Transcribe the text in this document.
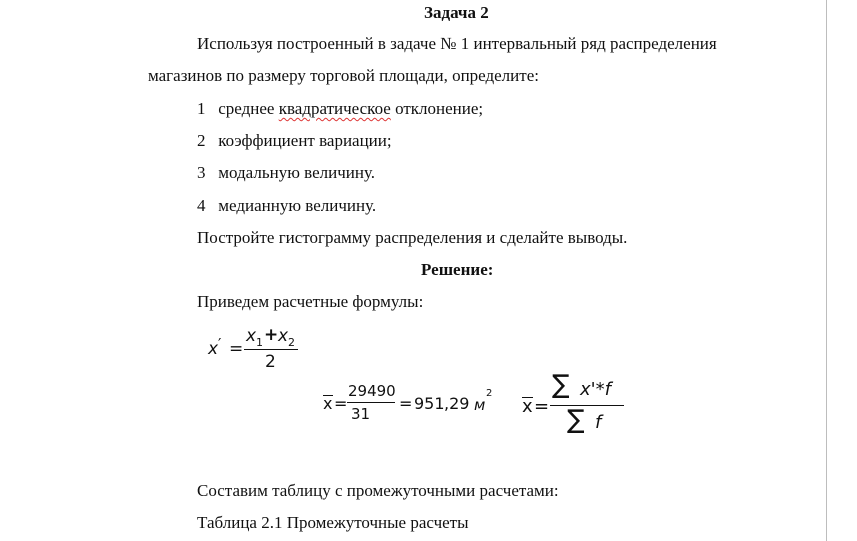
Задача 2
Используя построенный в задаче № 1 интервальный ряд распределения
магазинов по размеру торговой площади, определите:
1 среднее квадратическое отклонение;
2 коэффициент вариации;
3 модальную величину.
4 медианную величину.
Постройте гистограмму распределения и сделайте выводы.
Решение:
Приведем расчетные формулы:
x ′ =
x 1 + x 2
2
x =
29490
31
= 951 ,29 м
2
x =
∑ x'*f
∑ f
Составим таблицу с промежуточными расчетами:
Таблица 2.1 Промежуточные расчеты
